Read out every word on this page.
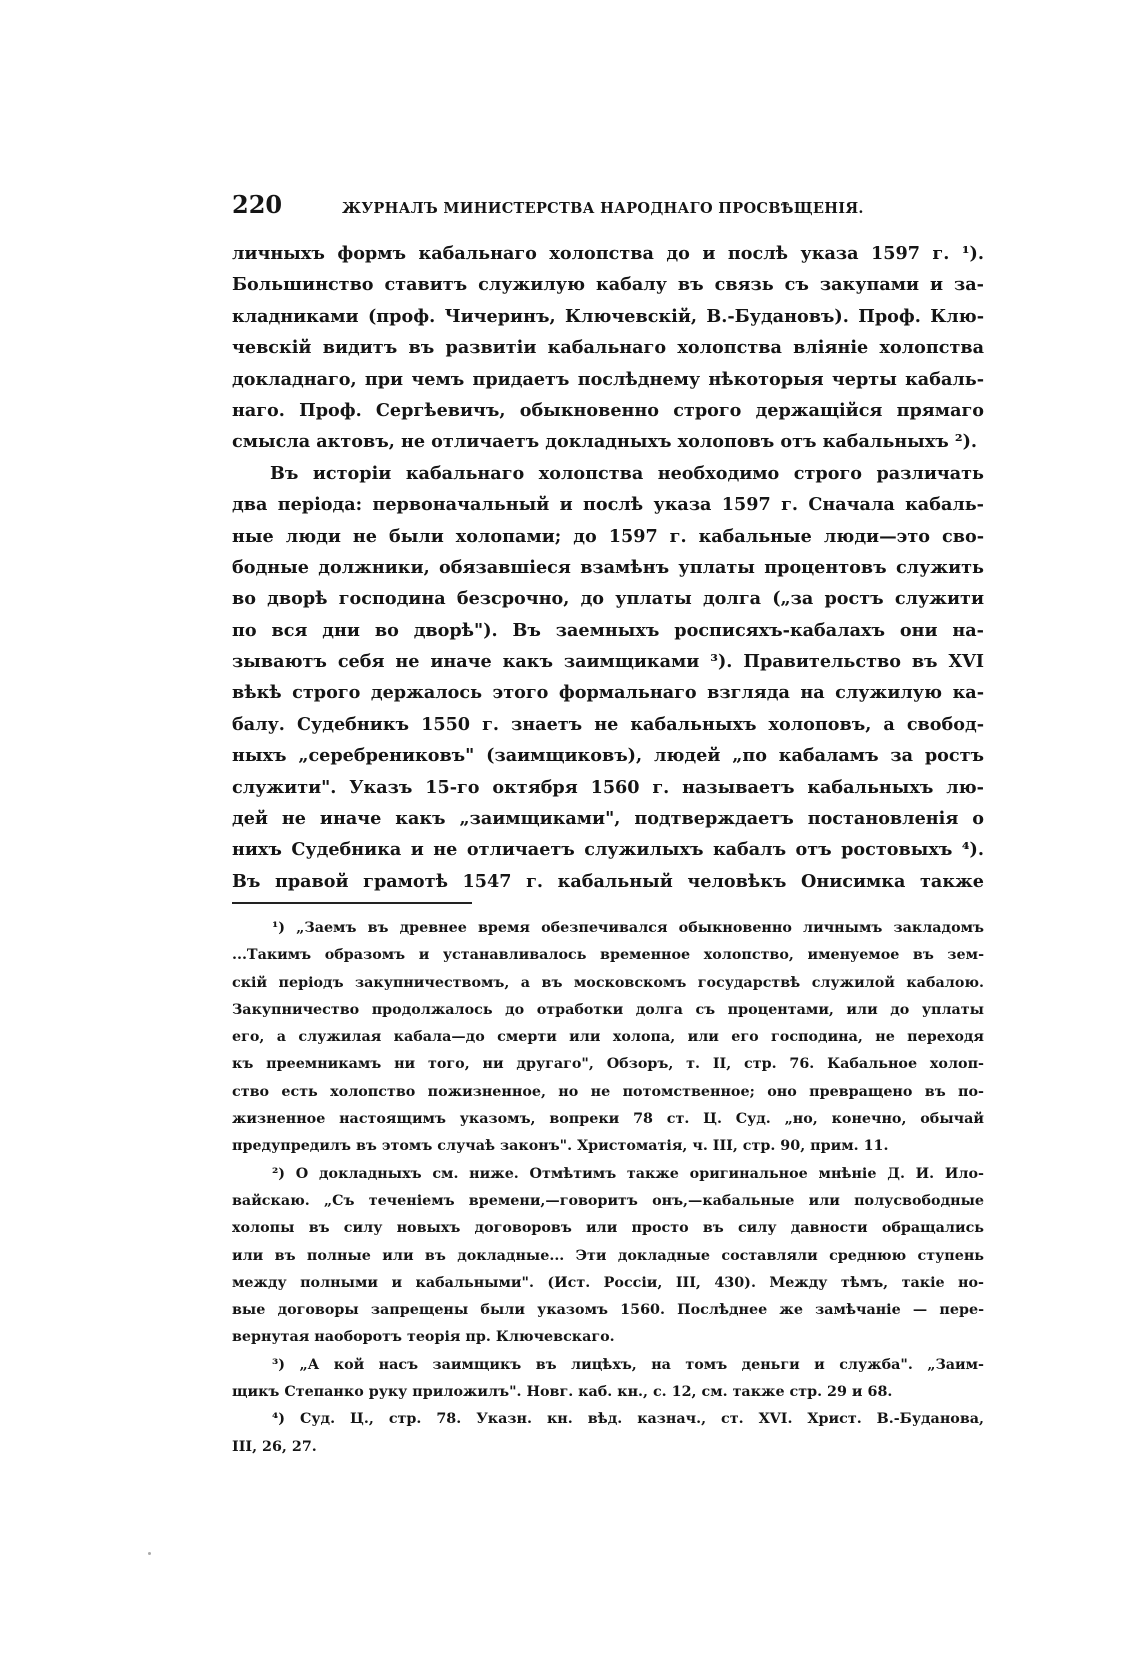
220	ЖУРНАЛЪ МИНИСТЕРСТВА НАРОДНАГО ПРОСВѢЩЕНІЯ.
личныхъ формъ кабальнаго холопства до и послѣ указа 1597 г. ¹).
Большинство ставитъ служилую кабалу въ связь съ закупами и за-
кладниками (проф. Чичеринъ, Ключевскій, В.-Будановъ). Проф. Клю-
чевскій видитъ въ развитіи кабальнаго холопства вліяніе холопства
докладнаго, при чемъ придаетъ послѣднему нѣкоторыя черты кабаль-
наго. Проф. Сергѣевичъ, обыкновенно строго держащійся прямаго
смысла актовъ, не отличаетъ докладныхъ холоповъ отъ кабальныхъ ²).
Въ исторіи кабальнаго холопства необходимо строго различать
два періода: первоначальный и послѣ указа 1597 г. Сначала кабаль-
ные люди не были холопами; до 1597 г. кабальные люди—это сво-
бодные должники, обязавшіеся взамѣнъ уплаты процентовъ служить
во дворѣ господина безсрочно, до уплаты долга („за ростъ служити
по вся дни во дворѣ"). Въ заемныхъ росписяхъ-кабалахъ они на-
зываютъ себя не иначе какъ заимщиками ³). Правительство въ XVI
вѣкѣ строго держалось этого формальнаго взгляда на служилую ка-
балу. Судебникъ 1550 г. знаетъ не кабальныхъ холоповъ, а свобод-
ныхъ „серебрениковъ" (заимщиковъ), людей „по кабаламъ за ростъ
служити". Указъ 15-го октября 1560 г. называетъ кабальныхъ лю-
дей не иначе какъ „заимщиками", подтверждаетъ постановленія о
нихъ Судебника и не отличаетъ служилыхъ кабалъ отъ ростовыхъ ⁴).
Въ правой грамотѣ 1547 г. кабальный человѣкъ Онисимка также
¹) „Заемъ въ древнее время обезпечивался обыкновенно личнымъ закладомъ
...Такимъ образомъ и устанавливалось временное холопство, именуемое въ зем-
скій періодъ закупничествомъ, а въ московскомъ государствѣ служилой кабалою.
Закупничество продолжалось до отработки долга съ процентами, или до уплаты
его, а служилая кабала—до смерти или холопа, или его господина, не переходя
къ преемникамъ ни того, ни другаго", Обзоръ, т. II, стр. 76. Кабальное холоп-
ство есть холопство пожизненное, но не потомственное; оно превращено въ по-
жизненное настоящимъ указомъ, вопреки 78 ст. Ц. Суд. „но, конечно, обычай
предупредилъ въ этомъ случаѣ законъ". Христоматія, ч. III, стр. 90, прим. 11.
²) О докладныхъ см. ниже. Отмѣтимъ также оригинальное мнѣніе Д. И. Ило-
вайскаю. „Съ теченіемъ времени,—говоритъ онъ,—кабальные или полусвободные
холопы въ силу новыхъ договоровъ или просто въ силу давности обращались
или въ полные или въ докладные... Эти докладные составляли среднюю ступень
между полными и кабальными". (Ист. Россіи, III, 430). Между тѣмъ, такіе но-
вые договоры запрещены были указомъ 1560. Послѣднее же замѣчаніе — пере-
вернутая наоборотъ теорія пр. Ключевскаго.
³) „А кой насъ заимщикъ въ лицѣхъ, на томъ деньги и служба". „Заим-
щикъ Степанко руку приложилъ". Новг. каб. кн., с. 12, см. также стр. 29 и 68.
⁴) Суд. Ц., стр. 78. Указн. кн. вѣд. казнач., ст. XVI. Христ. В.-Буданова,
III, 26, 27.
